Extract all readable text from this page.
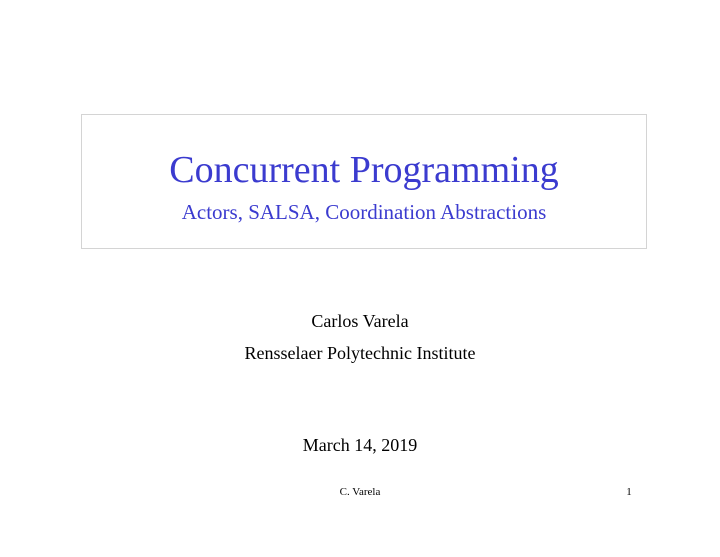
Concurrent Programming
Actors, SALSA, Coordination Abstractions
Carlos Varela
Rensselaer Polytechnic Institute
March 14, 2019
C. Varela	1
